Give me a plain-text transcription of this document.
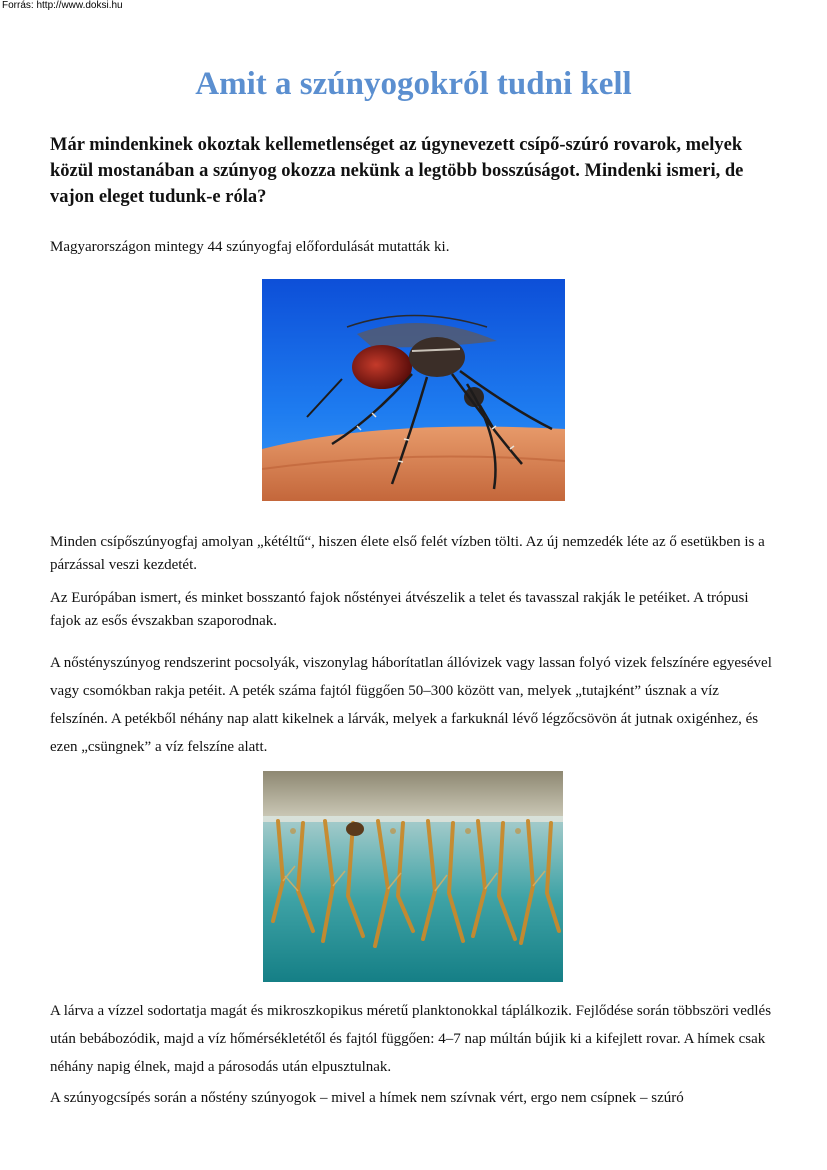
Forrás: http://www.doksi.hu
Amit a szúnyogokról tudni kell

Már mindenkinek okoztak kellemetlenséget az úgynevezett csípő-szúró rovarok, melyek közül mostanában a szúnyog okozza nekünk a legtöbb bosszúságot. Mindenki ismeri, de vajon eleget tudunk-e róla?

Magyarországon mintegy 44 szúnyogfaj előfordulását mutatták ki.

Minden csípőszúnyogfaj amolyan „kétéltű“, hiszen élete első felét vízben tölti. Az új nemzedék léte az ő esetükben is a párzással veszi kezdetét.

Az Európában ismert, és minket bosszantó fajok nőstényei átvészelik a telet és tavasszal rakják le petéiket. A trópusi fajok az esős évszakban szaporodnak.

A nőstényszúnyog rendszerint pocsolyák, viszonylag háborítatlan állóvizek vagy lassan folyó vizek felszínére egyesével vagy csomókban rakja petéit. A peték száma fajtól függően 50–300 között van, melyek „tutajként” úsznak a víz felszínén. A petékből néhány nap alatt kikelnek a lárvák, melyek a farkuknál lévő légzőcsövön át jutnak oxigénhez, és ezen „csüngnek” a víz felszíne alatt.

A lárva a vízzel sodortatja magát és mikroszkopikus méretű planktonokkal táplálkozik. Fejlődése során többszöri vedlés után bebábozódik, majd a víz hőmérsékletétől és fajtól függően: 4–7 nap múltán bújik ki a kifejlett rovar. A hímek csak néhány napig élnek, majd a párosodás után elpusztulnak.

A szúnyogcsípés során a nőstény szúnyogok – mivel a hímek nem szívnak vért, ergo nem csípnek – szúró
